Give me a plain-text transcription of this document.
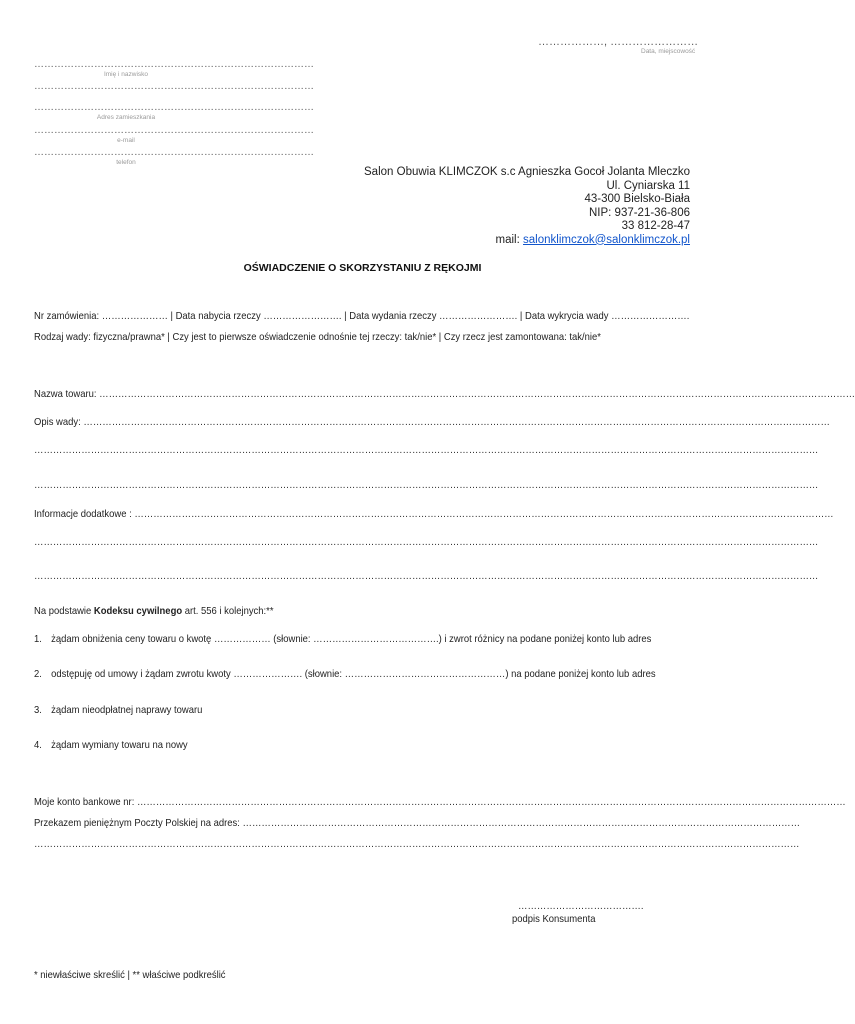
………………, ……………………
Data, miejscowość
…………………………………………………………………………
Imię i nazwisko
…………………………………………………………………………
…………………………………………………………………………
Adres zamieszkania
…………………………………………………………………………
e-mail
…………………………………………………………………………
telefon
Salon Obuwia KLIMCZOK s.c Agnieszka Gocoł Jolanta Mleczko
Ul. Cyniarska 11
43-300 Bielsko-Biała
NIP: 937-21-36-806
33 812-28-47
mail: salonklimczok@salonklimczok.pl
OŚWIADCZENIE O SKORZYSTANIU Z RĘKOJMI
Nr zamówienia: ………………… | Data nabycia rzeczy ……………………. | Data wydania rzeczy ……………………. | Data wykrycia wady …………………….
Rodzaj wady: fizyczna/prawna* | Czy jest to pierwsze oświadczenie odnośnie tej rzeczy: tak/nie* | Czy rzecz jest zamontowana: tak/nie*
Nazwa towaru: ……………………………………………………………………………………………………………………………………………………………………………………………………………………
Opis wady: …………………………………………………………………………………………………………………………………………………………………………………………………………………
……………………………………………………………………………………………………………………………………………………………………………………………………………………………
……………………………………………………………………………………………………………………………………………………………………………………………………………………………
Informacje dodatkowe : ……………………………………………………………………………………………………………………………………………………………………………………………………
……………………………………………………………………………………………………………………………………………………………………………………………………………………………
……………………………………………………………………………………………………………………………………………………………………………………………………………………………
Na podstawie Kodeksu cywilnego art. 556 i kolejnych:**
1. żądam obniżenia ceny towaru o kwotę ……………… (słownie: ………………………………….) i zwrot różnicy na podane poniżej konto lub adres
2. odstępuję od umowy i żądam zwrotu kwoty …………………. (słownie: ……………………………………………) na podane poniżej konto lub adres
3. żądam nieodpłatnej naprawy towaru
4. żądam wymiany towaru na nowy
Moje konto bankowe nr: ………………………………………………………………………………………………………………………………………………………………………………………………………
Przekazem pieniężnym Poczty Polskiej na adres: ……………………………………………………………………………………………………………………………………………………………
………………………………………………………………………………………………………………………………………………………………………………………………………………………
………………………………….
podpis Konsumenta
* niewłaściwe skreślić | ** właściwe podkreślić
